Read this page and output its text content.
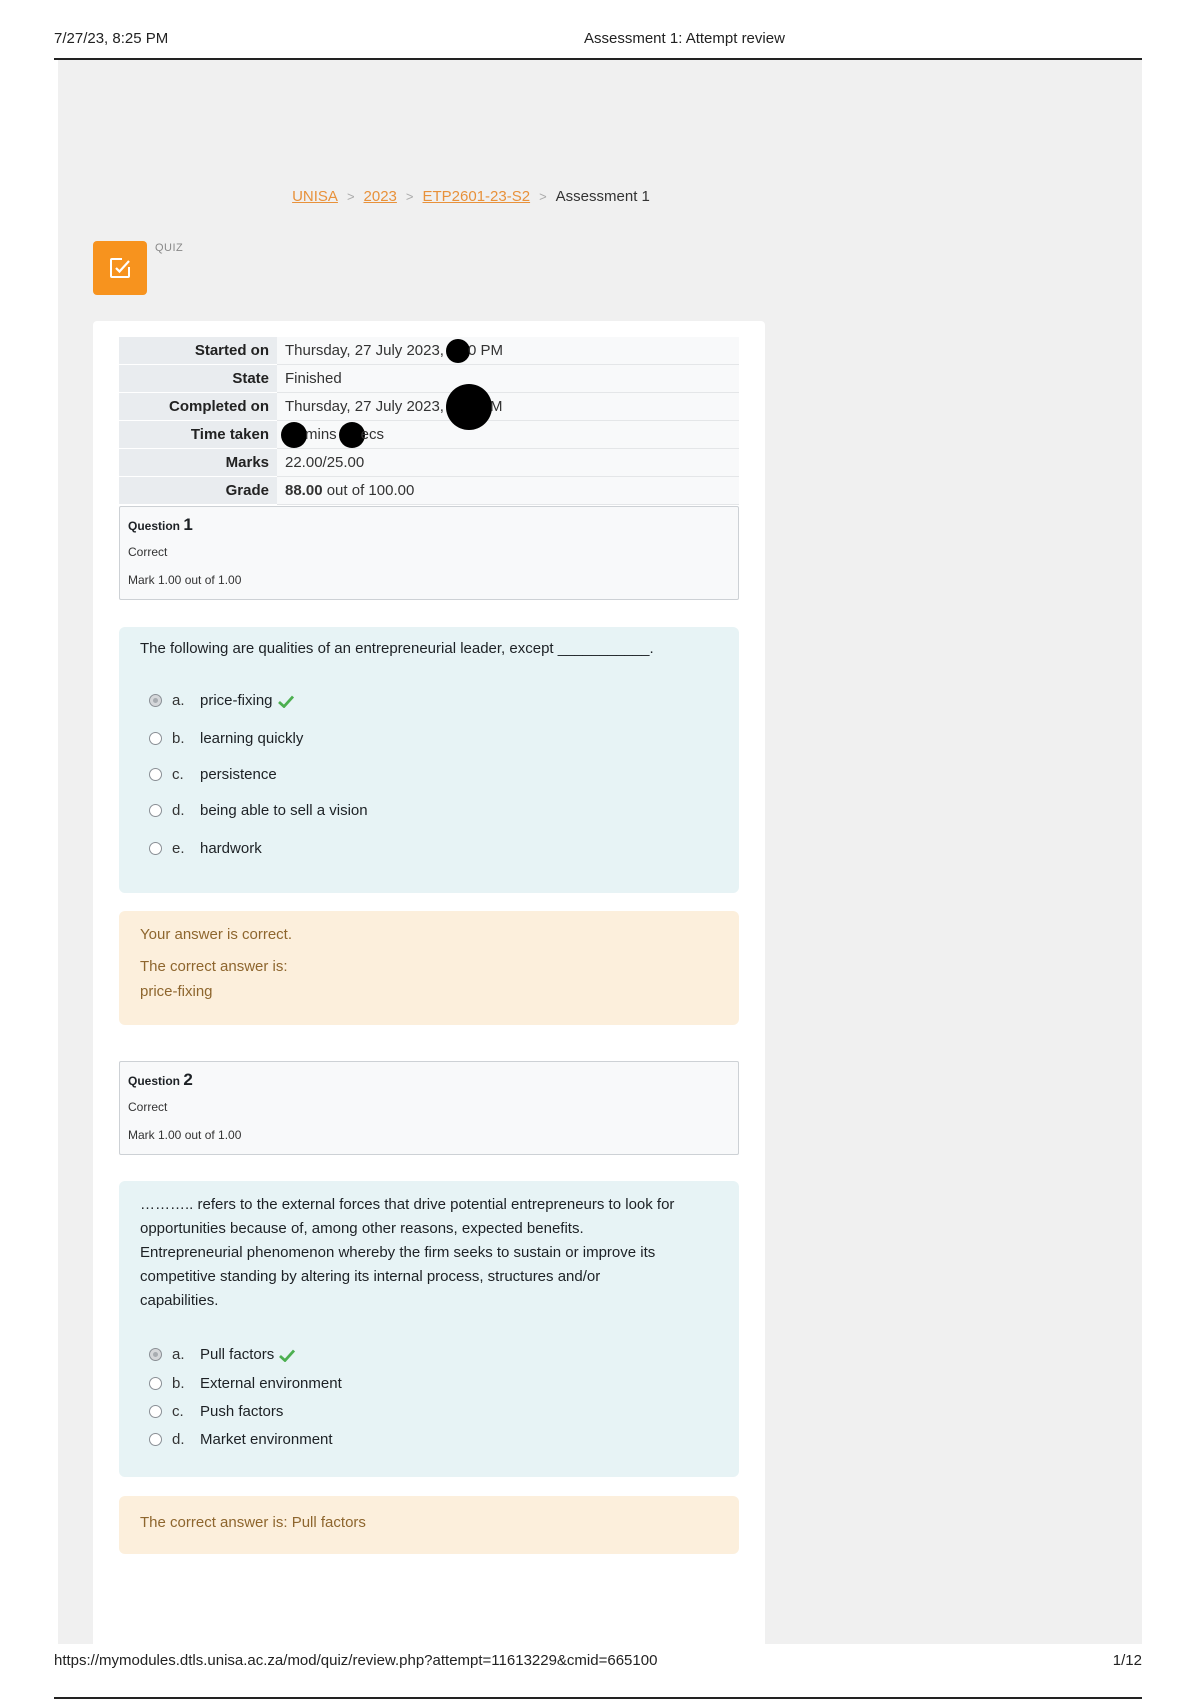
7/27/23, 8:25 PM	Assessment 1: Attempt review
UNISA > 2023 > ETP2601-23-S2 > Assessment 1
QUIZ
Started on	Thursday, 27 July 2023, 0 PM
State	Finished
Completed on	Thursday, 27 July 2023, M
Time taken	mins ecs
Marks	22.00/25.00
Grade	88.00 out of 100.00
Question 1
Correct
Mark 1.00 out of 1.00
The following are qualities of an entrepreneurial leader, except ___________.
a. price-fixing
b. learning quickly
c. persistence
d. being able to sell a vision
e. hardwork
Your answer is correct.
The correct answer is:
price-fixing
Question 2
Correct
Mark 1.00 out of 1.00
……….. refers to the external forces that drive potential entrepreneurs to look for
opportunities because of, among other reasons, expected benefits.
Entrepreneurial phenomenon whereby the firm seeks to sustain or improve its
competitive standing by altering its internal process, structures and/or
capabilities.
a. Pull factors
b. External environment
c. Push factors
d. Market environment
The correct answer is: Pull factors
https://mymodules.dtls.unisa.ac.za/mod/quiz/review.php?attempt=11613229&cmid=665100	1/12
